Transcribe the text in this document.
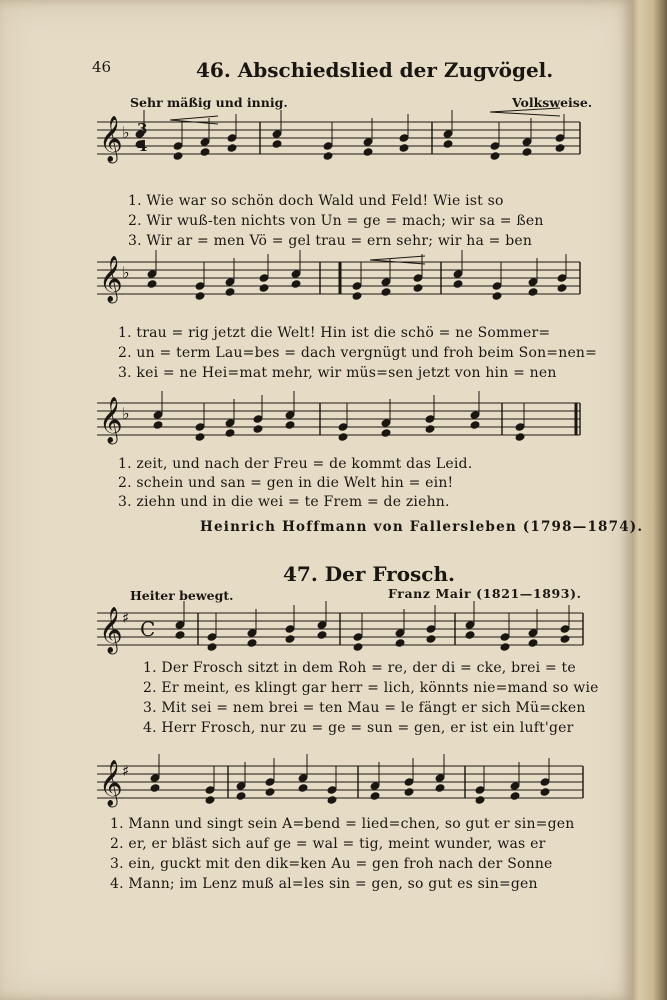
46	46. Abschiedslied der Zugvögel.
Sehr mäßig und innig.	Volksweise.
1. Wie war so schön doch Wald und Feld! Wie ist so
2. Wir wuß-ten nichts von Un = ge = mach; wir sa = ßen
3. Wir ar = men Vö = gel trau = ern sehr; wir ha = ben
1. trau = rig jetzt die Welt! Hin ist die schö = ne Sommer=
2. un = term Lau=bes = dach vergnügt und froh beim Son=nen=
3. kei = ne Hei=mat mehr, wir müs=sen jetzt von hin = nen
1. zeit, und nach der Freu = de kommt das Leid.
2. schein und san = gen in die Welt hin = ein!
3. ziehn und in die wei = te Frem = de ziehn.
Heinrich Hoffmann von Fallersleben (1798—1874).
47. Der Frosch.
Heiter bewegt.	Franz Mair (1821—1893).
1. Der Frosch sitzt in dem Roh = re, der di = cke, brei = te
2. Er meint, es klingt gar herr = lich, könnts nie=mand so wie
3. Mit sei = nem brei = ten Mau = le fängt er sich Mü=cken
4. Herr Frosch, nur zu = ge = sun = gen, er ist ein luft'ger
1. Mann und singt sein A=bend = lied=chen, so gut er sin=gen
2. er, er bläst sich auf ge = wal = tig, meint wunder, was er
3. ein, guckt mit den dik=ken Au = gen froh nach der Sonne
4. Mann; im Lenz muß al=les sin = gen, so gut es sin=gen
𝄞
𝄞
𝄞
𝄞
𝄞
♭
♭
♭
♯
♯
3
4
C
